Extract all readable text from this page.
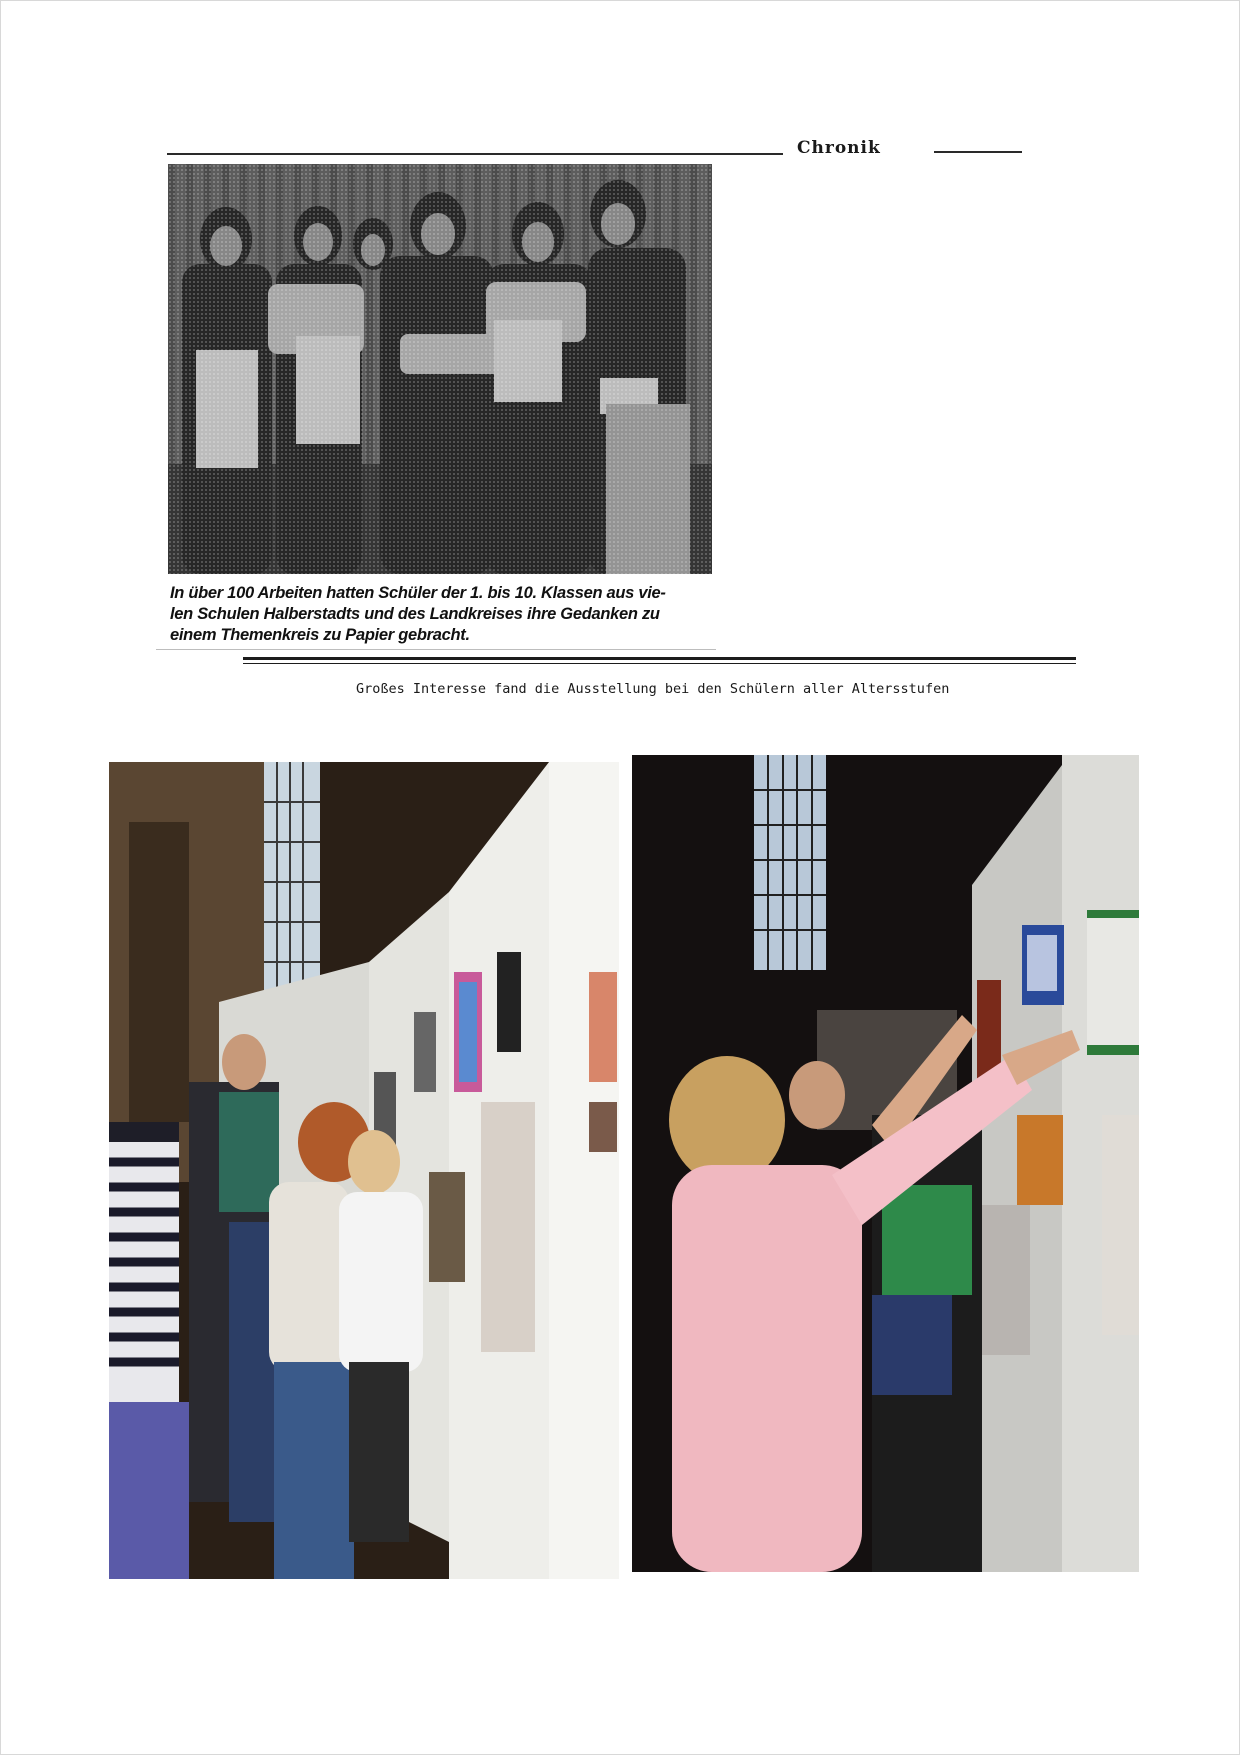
Chronik
In über 100 Arbeiten hatten Schüler der 1. bis 10. Klassen aus vie-
len Schulen Halberstadts und des Landkreises ihre Gedanken zu
einem Themenkreis zu Papier gebracht.
Großes Interesse fand die Ausstellung bei den Schülern aller Altersstufen
